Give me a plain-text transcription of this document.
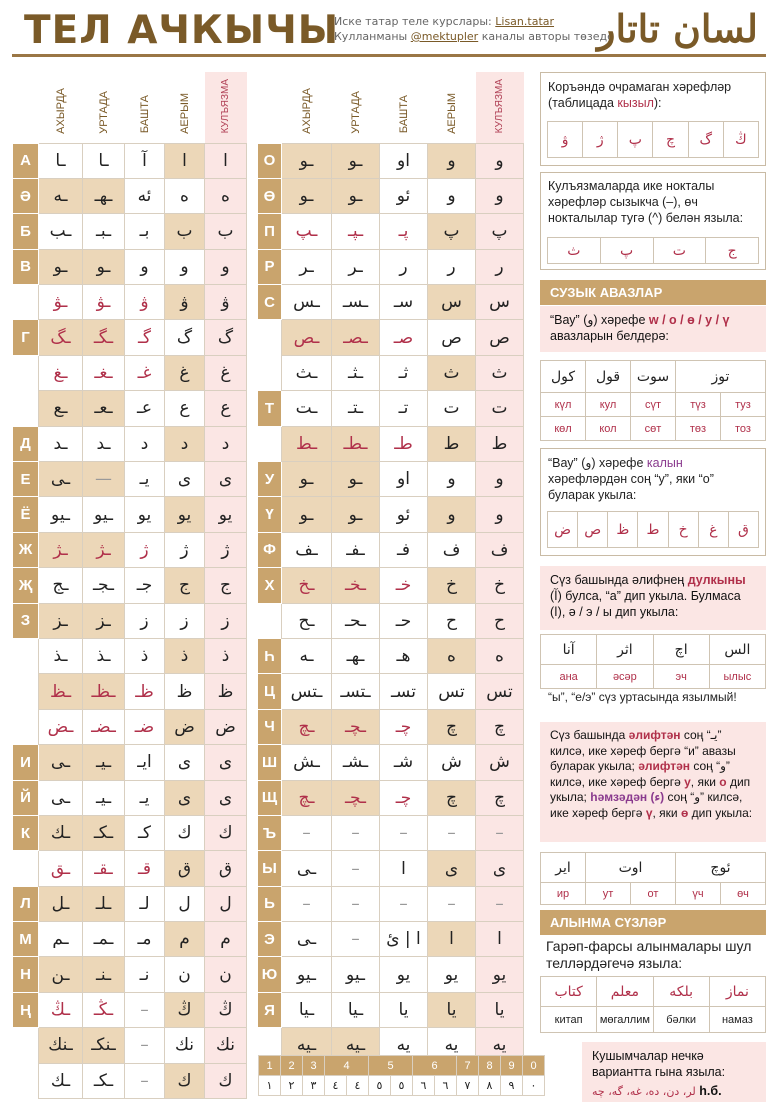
ТЕЛ АЧКЫЧЫ
Иске татар теле курслары: Lisan.tatar
Кулланманы @mektupler каналы авторы төзеде
لسان تاتار
	АХЫРДА	УРТАДА	БАШТА	АЕРЫМ	КУЛЪЯЗМА
А	ـا	ـا	آ	ا	ا
Ә	ـه	ـهـ	ئه	ه	ه
Б	ـب	ـبـ	بـ	ب	ب
В	ـو	ـو	و	و	و
	ـۋ	ـۋ	ۋ	ۋ	ۋ
Г	ـگ	ـگـ	گـ	گ	گ
	ـغ	ـغـ	غـ	غ	غ
	ـع	ـعـ	عـ	ع	ع
Д	ـد	ـد	د	د	د
Е	ـی	—	یـ	ی	ی
Ё	ـیو	ـیو	یو	یو	یو
Ж	ـژ	ـژ	ژ	ژ	ژ
Җ	ـج	ـجـ	جـ	ج	ج
З	ـز	ـز	ز	ز	ز
	ـذ	ـذ	ذ	ذ	ذ
	ـظ	ـظـ	ظـ	ظ	ظ
	ـض	ـضـ	ضـ	ض	ض
И	ـی	ـیـ	ایـ	ی	ی
Й	ـی	ـیـ	یـ	ی	ی
К	ـك	ـكـ	كـ	ك	ك
	ـق	ـقـ	قـ	ق	ق
Л	ـل	ـلـ	لـ	ل	ل
М	ـم	ـمـ	مـ	م	م
Н	ـن	ـنـ	نـ	ن	ن
Ң	ـڭ	ـڭـ	–	ڭ	ڭ
	ـنك	ـنكـ	–	نك	نك
	ـك	ـكـ	–	ك	ك
	АХЫРДА	УРТАДА	БАШТА	АЕРЫМ	КУЛЪЯЗМА
О	ـو	ـو	او	و	و
Ө	ـو	ـو	ئو	و	و
П	ـپ	ـپـ	پـ	پ	پ
Р	ـر	ـر	ر	ر	ر
С	ـس	ـسـ	سـ	س	س
	ـص	ـصـ	صـ	ص	ص
	ـث	ـثـ	ثـ	ث	ث
Т	ـت	ـتـ	تـ	ت	ت
	ـط	ـطـ	طـ	ط	ط
У	ـو	ـو	او	و	و
Ү	ـو	ـو	ئو	و	و
Ф	ـف	ـفـ	فـ	ف	ف
Х	ـخ	ـخـ	خـ	خ	خ
	ـح	ـحـ	حـ	ح	ح
Һ	ـه	ـهـ	هـ	ه	ه
Ц	ـتس	ـتسـ	تسـ	تس	تس
Ч	ـچ	ـچـ	چـ	چ	چ
Ш	ـش	ـشـ	شـ	ش	ش
Щ	ـچ	ـچـ	چـ	چ	چ
Ъ	–	–	–	–	–
Ы	ـی	–	ا	ی	ی
Ь	–	–	–	–	–
Э	ـی	–	ا | ئ	ا	ا
Ю	ـیو	ـیو	یو	یو	یو
Я	ـیا	ـیا	یا	یا	یا
	ـیه	ـیه	یه	یه	یه
Коръәндә очрамаган хәрефләр (таблицада кызыл):
ۋ	ژ	پ	چ	گ	ڭ
Кулъязмаларда ике нокталы хәрефләр сызыкча (–), өч нокталылар тугә (^) белән языла:
ث	پ	ت	ج
СУЗЫК АВАЗЛАР
“Вау” (و) хәрефе w / о / ө / у / ү авазларын белдерә:
كول	قول	سوت	توز	
күл	кул	сүт	түз	туз
көл	кол	сөт	төз	тоз
“Вау” (و) хәрефе калын хәрефләрдән соң “у”, яки “о” буларак укыла:
ض	ص	ظ	ط	خ	غ	ق
Сүз башында әлифнең дулкыны (آ) булса, “а” дип укыла. Булмаса (ا), ә / э / ы дип укыла:
آنا	اثر	اچ	الس
ана	әсәр	эч	ылыс
“ы”, “е/э” сүз уртасында язылмый!
Сүз башында әлифтән соң “یـ” килсә, ике хәреф бергә “и” авазы буларак укыла; әлифтән соң “و” килсә, ике хәреф бергә у, яки о дип укыла; һәмзәдән (ء) соң “و” килсә, ике хәреф бергә ү, яки ө дип укыла:
ایر	اوت		ئوچ	
ир	ут	от	үч	өч
АЛЫНМА СҮЗЛӘР
Гарәп-фарсы алынмалары шул телләрдәгечә языла:
كتاب	معلم	بلكه	نماز
китап	мөгаллим	бәлки	намаз
1	2	3	4		5		6		7	8	9	0
١	٢	٣	٤	٤	٥	٥	٦	٦	٧	٨	٩	٠
Кушымчалар нечкә вариантта гына языла:
لر، دن، ده، غه، گه، چه һ.б.
